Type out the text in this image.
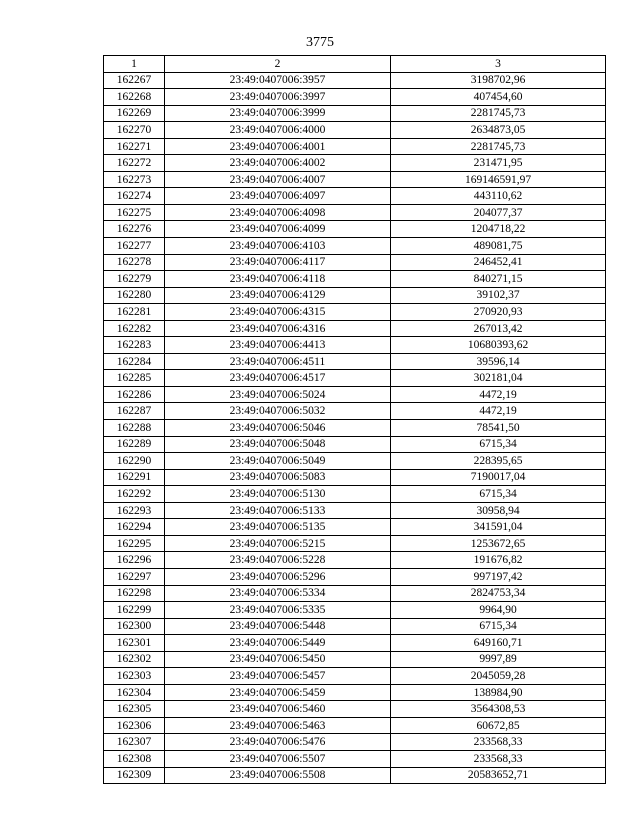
3775
1	2	3
162267	23:49:0407006:3957	3198702,96
162268	23:49:0407006:3997	407454,60
162269	23:49:0407006:3999	2281745,73
162270	23:49:0407006:4000	2634873,05
162271	23:49:0407006:4001	2281745,73
162272	23:49:0407006:4002	231471,95
162273	23:49:0407006:4007	169146591,97
162274	23:49:0407006:4097	443110,62
162275	23:49:0407006:4098	204077,37
162276	23:49:0407006:4099	1204718,22
162277	23:49:0407006:4103	489081,75
162278	23:49:0407006:4117	246452,41
162279	23:49:0407006:4118	840271,15
162280	23:49:0407006:4129	39102,37
162281	23:49:0407006:4315	270920,93
162282	23:49:0407006:4316	267013,42
162283	23:49:0407006:4413	10680393,62
162284	23:49:0407006:4511	39596,14
162285	23:49:0407006:4517	302181,04
162286	23:49:0407006:5024	4472,19
162287	23:49:0407006:5032	4472,19
162288	23:49:0407006:5046	78541,50
162289	23:49:0407006:5048	6715,34
162290	23:49:0407006:5049	228395,65
162291	23:49:0407006:5083	7190017,04
162292	23:49:0407006:5130	6715,34
162293	23:49:0407006:5133	30958,94
162294	23:49:0407006:5135	341591,04
162295	23:49:0407006:5215	1253672,65
162296	23:49:0407006:5228	191676,82
162297	23:49:0407006:5296	997197,42
162298	23:49:0407006:5334	2824753,34
162299	23:49:0407006:5335	9964,90
162300	23:49:0407006:5448	6715,34
162301	23:49:0407006:5449	649160,71
162302	23:49:0407006:5450	9997,89
162303	23:49:0407006:5457	2045059,28
162304	23:49:0407006:5459	138984,90
162305	23:49:0407006:5460	3564308,53
162306	23:49:0407006:5463	60672,85
162307	23:49:0407006:5476	233568,33
162308	23:49:0407006:5507	233568,33
162309	23:49:0407006:5508	20583652,71
